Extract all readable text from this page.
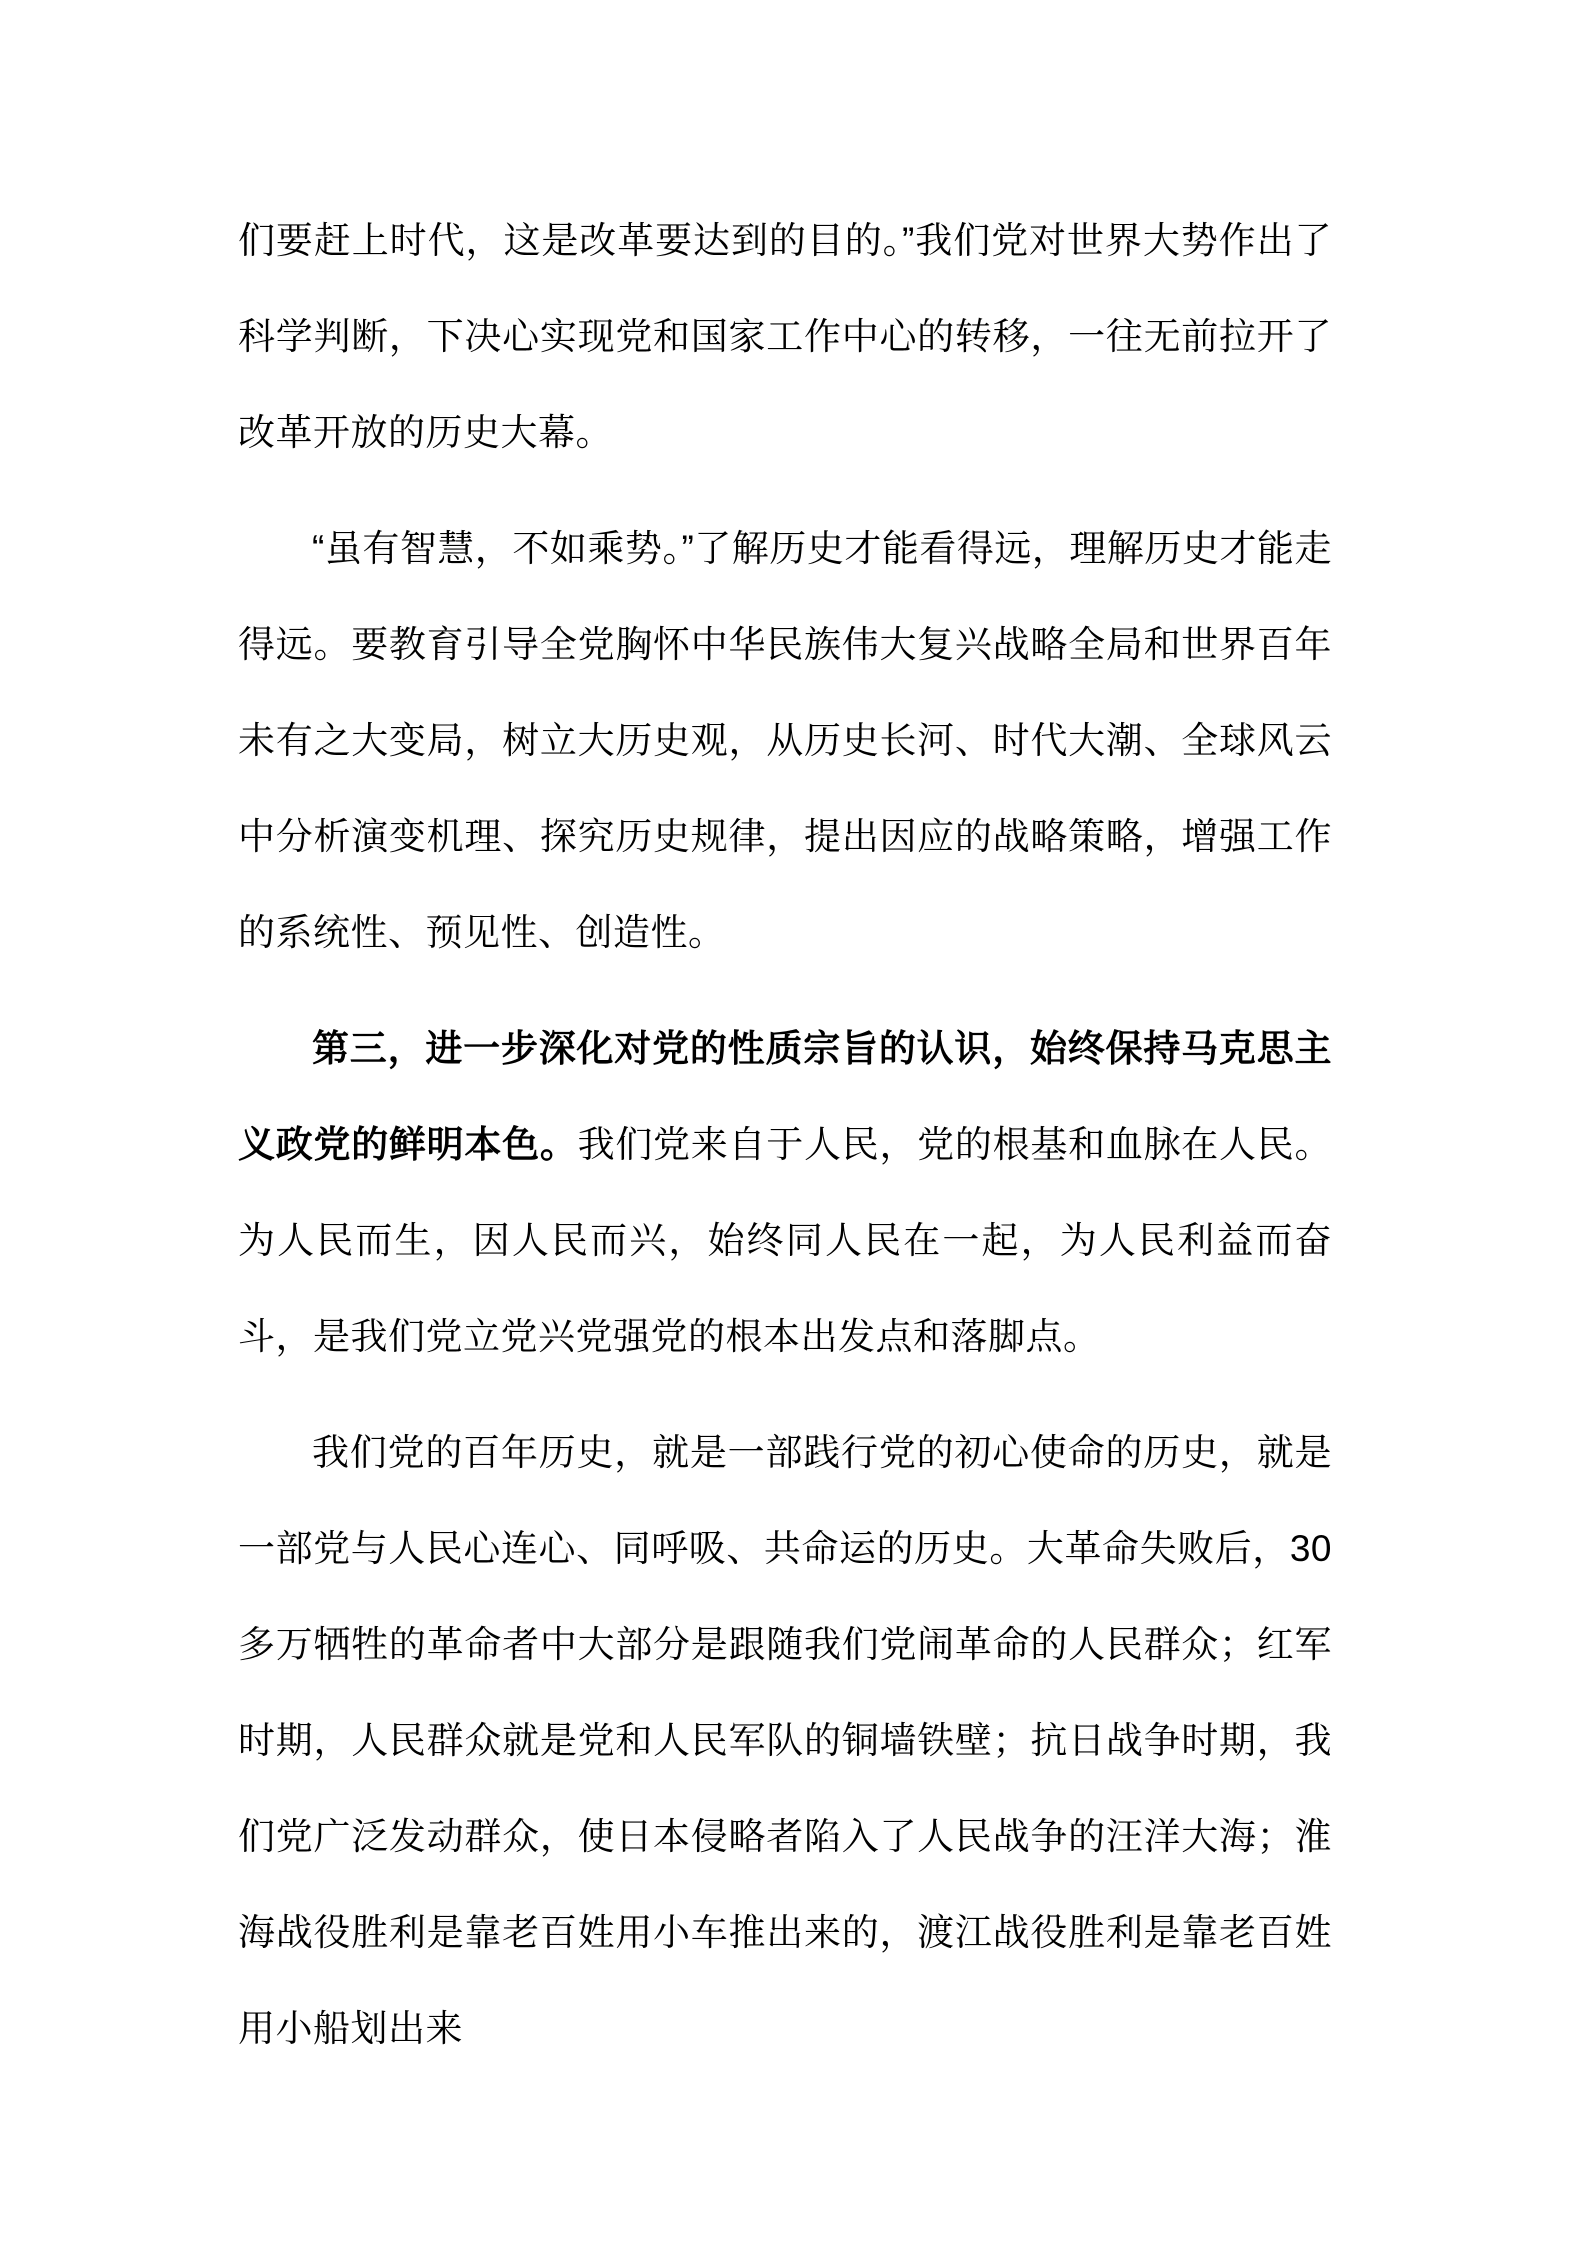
们要赶上时代，这是改革要达到的目的。”我们党对世界大势作出了科学判断，下决心实现党和国家工作中心的转移，一往无前拉开了改革开放的历史大幕。

“虽有智慧，不如乘势。”了解历史才能看得远，理解历史才能走得远。要教育引导全党胸怀中华民族伟大复兴战略全局和世界百年未有之大变局，树立大历史观，从历史长河、时代大潮、全球风云中分析演变机理、探究历史规律，提出因应的战略策略，增强工作的系统性、预见性、创造性。

第三，进一步深化对党的性质宗旨的认识，始终保持马克思主义政党的鲜明本色。我们党来自于人民，党的根基和血脉在人民。为人民而生，因人民而兴，始终同人民在一起，为人民利益而奋斗，是我们党立党兴党强党的根本出发点和落脚点。

我们党的百年历史，就是一部践行党的初心使命的历史，就是一部党与人民心连心、同呼吸、共命运的历史。大革命失败后，30 多万牺牲的革命者中大部分是跟随我们党闹革命的人民群众；红军时期，人民群众就是党和人民军队的铜墙铁壁；抗日战争时期，我们党广泛发动群众，使日本侵略者陷入了人民战争的汪洋大海；淮海战役胜利是靠老百姓用小车推出来的，渡江战役胜利是靠老百姓用小船划出来
